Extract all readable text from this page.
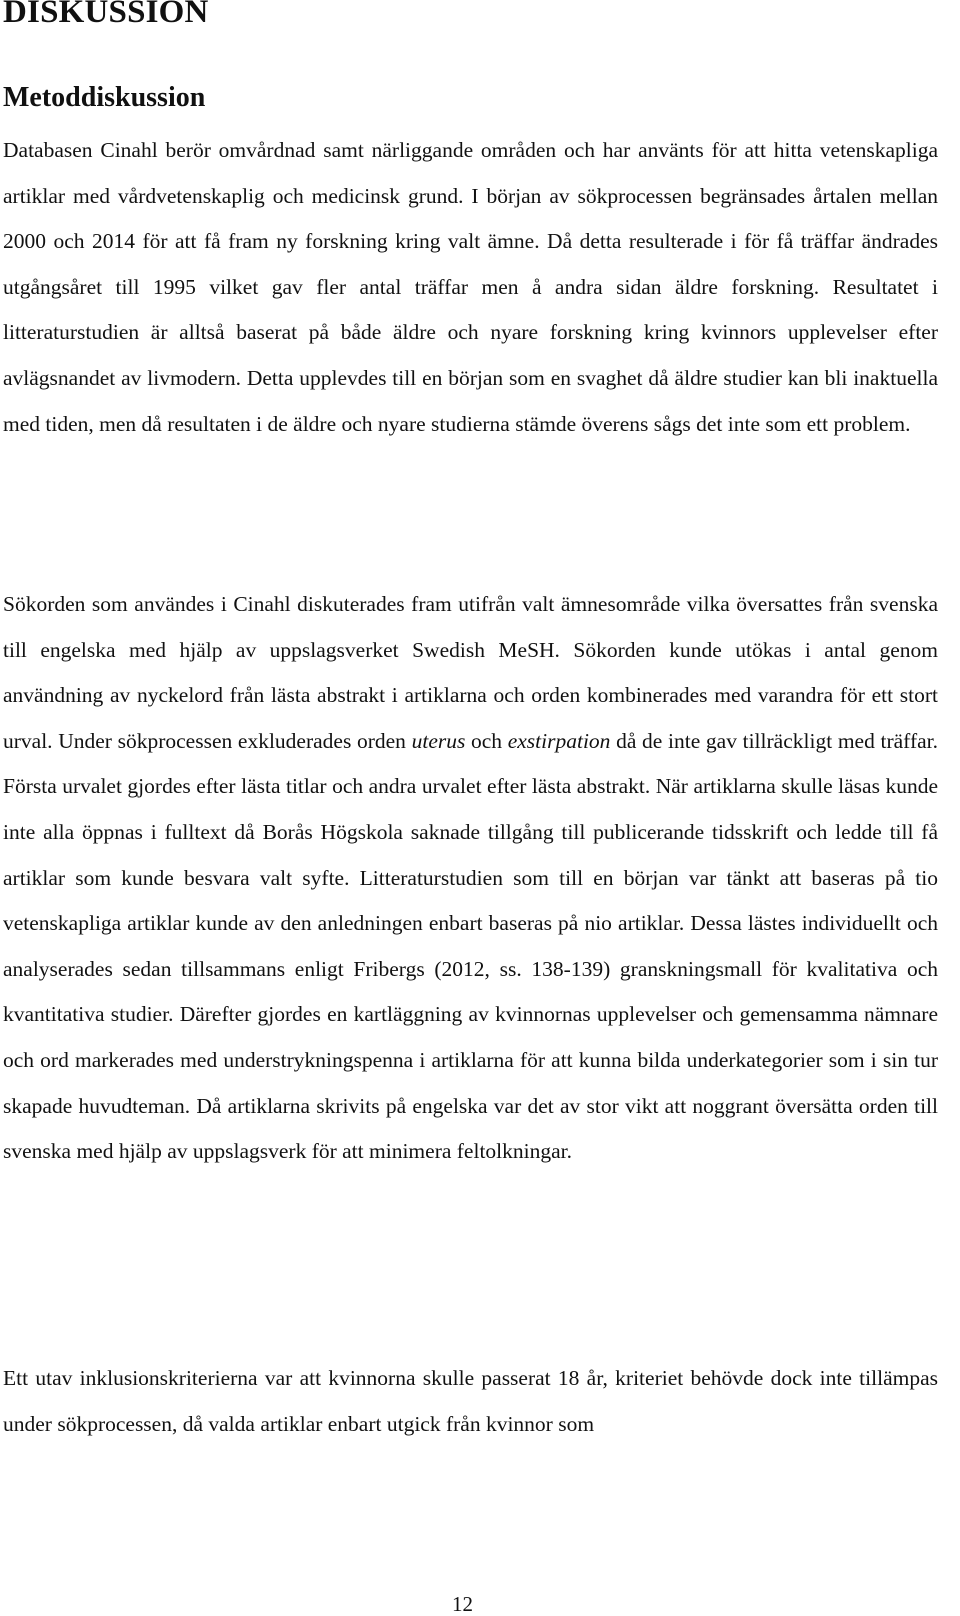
DISKUSSION
Metoddiskussion

Databasen Cinahl berör omvårdnad samt närliggande områden och har använts för att hitta vetenskapliga artiklar med vårdvetenskaplig och medicinsk grund. I början av sökprocessen begränsades årtalen mellan 2000 och 2014 för att få fram ny forskning kring valt ämne. Då detta resulterade i för få träffar ändrades utgångsåret till 1995 vilket gav fler antal träffar men å andra sidan äldre forskning. Resultatet i litteraturstudien är alltså baserat på både äldre och nyare forskning kring kvinnors upplevelser efter avlägsnandet av livmodern. Detta upplevdes till en början som en svaghet då äldre studier kan bli inaktuella med tiden, men då resultaten i de äldre och nyare studierna stämde överens sågs det inte som ett problem.

Sökorden som användes i Cinahl diskuterades fram utifrån valt ämnesområde vilka översattes från svenska till engelska med hjälp av uppslagsverket Swedish MeSH. Sökorden kunde utökas i antal genom användning av nyckelord från lästa abstrakt i artiklarna och orden kombinerades med varandra för ett stort urval. Under sökprocessen exkluderades orden uterus och exstirpation då de inte gav tillräckligt med träffar. Första urvalet gjordes efter lästa titlar och andra urvalet efter lästa abstrakt. När artiklarna skulle läsas kunde inte alla öppnas i fulltext då Borås Högskola saknade tillgång till publicerande tidsskrift och ledde till få artiklar som kunde besvara valt syfte. Litteraturstudien som till en början var tänkt att baseras på tio vetenskapliga artiklar kunde av den anledningen enbart baseras på nio artiklar. Dessa lästes individuellt och analyserades sedan tillsammans enligt Fribergs (2012, ss. 138-139) granskningsmall för kvalitativa och kvantitativa studier. Därefter gjordes en kartläggning av kvinnornas upplevelser och gemensamma nämnare och ord markerades med understrykningspenna i artiklarna för att kunna bilda underkategorier som i sin tur skapade huvudteman. Då artiklarna skrivits på engelska var det av stor vikt att noggrant översätta orden till svenska med hjälp av uppslagsverk för att minimera feltolkningar.

Ett utav inklusionskriterierna var att kvinnorna skulle passerat 18 år, kriteriet behövde dock inte tillämpas under sökprocessen, då valda artiklar enbart utgick från kvinnor som

12
